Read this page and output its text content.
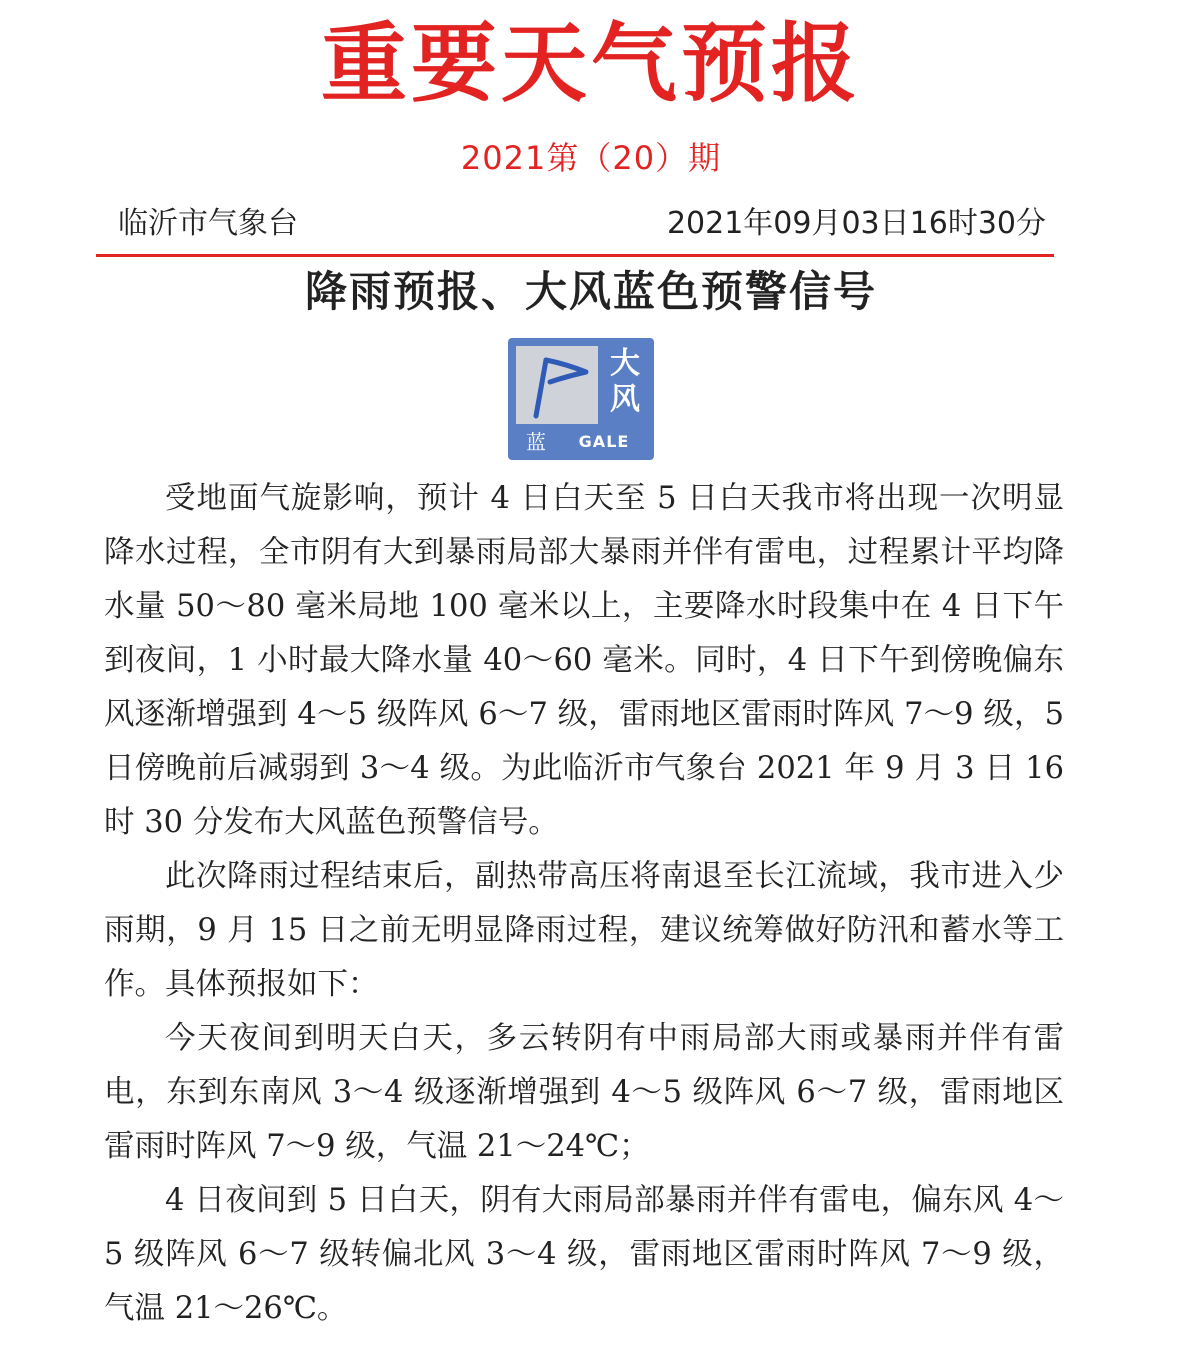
重要天气预报
2021第（20）期
临沂市气象台	2021年09月03日16时30分
降雨预报、大风蓝色预警信号
大
风
蓝	GALE

受地面气旋影响，预计 4 日白天至 5 日白天我市将出现一次明显降水过程，全市阴有大到暴雨局部大暴雨并伴有雷电，过程累计平均降水量 50～80 毫米局地 100 毫米以上，主要降水时段集中在 4 日下午到夜间，1 小时最大降水量 40～60 毫米。同时，4 日下午到傍晚偏东风逐渐增强到 4～5 级阵风 6～7 级，雷雨地区雷雨时阵风 7～9 级，5 日傍晚前后减弱到 3～4 级。为此临沂市气象台 2021 年 9 月 3 日 16 时 30 分发布大风蓝色预警信号。

此次降雨过程结束后，副热带高压将南退至长江流域，我市进入少雨期，9 月 15 日之前无明显降雨过程，建议统筹做好防汛和蓄水等工作。具体预报如下：

今天夜间到明天白天，多云转阴有中雨局部大雨或暴雨并伴有雷电，东到东南风 3～4 级逐渐增强到 4～5 级阵风 6～7 级，雷雨地区雷雨时阵风 7～9 级，气温 21～24℃；

4 日夜间到 5 日白天，阴有大雨局部暴雨并伴有雷电，偏东风 4～5 级阵风 6～7 级转偏北风 3～4 级，雷雨地区雷雨时阵风 7～9 级，气温 21～26℃。
